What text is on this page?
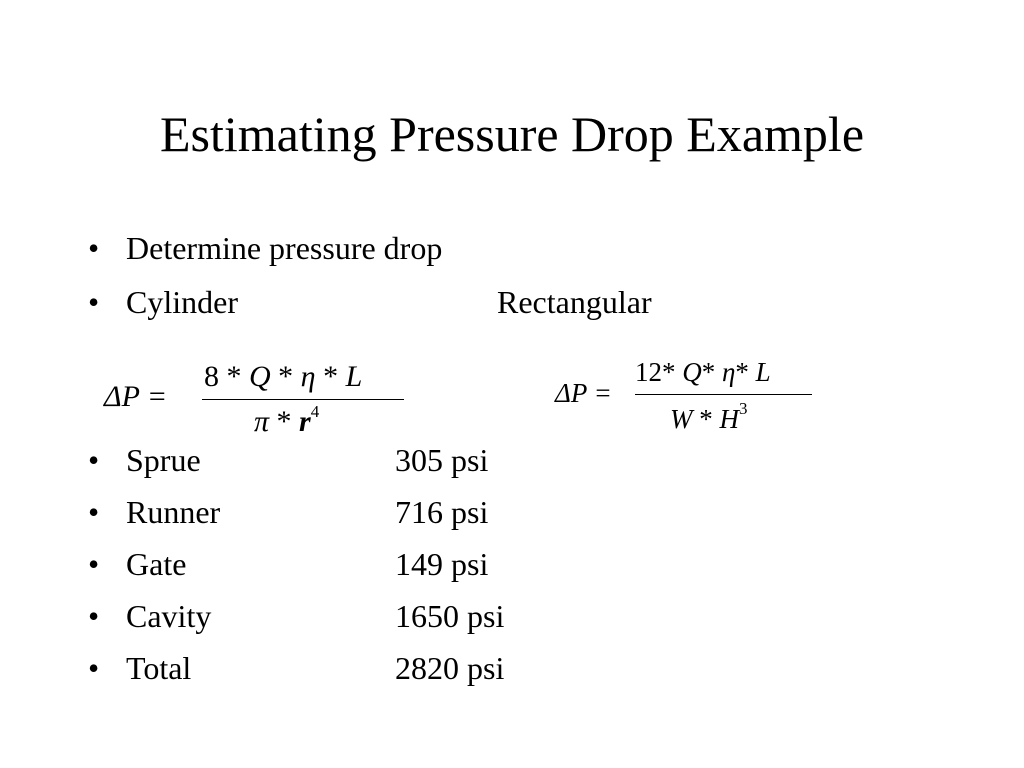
Estimating Pressure Drop Example
• Determine pressure drop
• Cylinder	Rectangular
ΔP =
8 * Q * η * L
π * $r^4$
ΔP =
12* Q* η* L
W * $H^3$
• Sprue	305 psi
• Runner	716 psi
• Gate	149 psi
• Cavity	1650 psi
• Total	2820 psi
